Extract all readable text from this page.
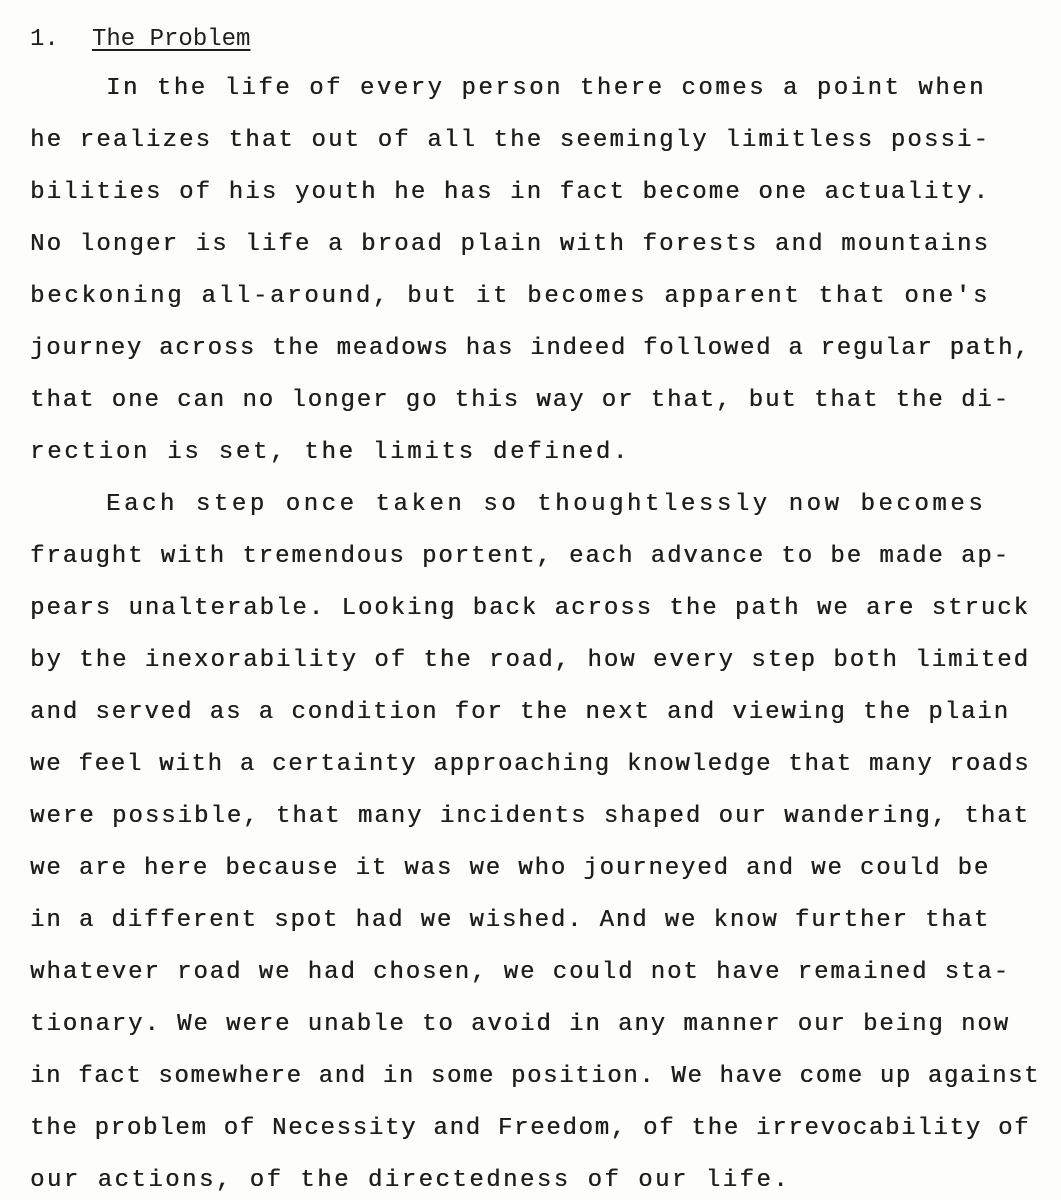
1. The Problem
In the life of every person there comes a point when
he realizes that out of all the seemingly limitless possi-
bilities of his youth he has in fact become one actuality.
No longer is life a broad plain with forests and mountains
beckoning all-around, but it becomes apparent that one's
journey across the meadows has indeed followed a regular path,
that one can no longer go this way or that, but that the di-
rection is set, the limits defined.
Each step once taken so thoughtlessly now becomes
fraught with tremendous portent, each advance to be made ap-
pears unalterable. Looking back across the path we are struck
by the inexorability of the road, how every step both limited
and served as a condition for the next and viewing the plain
we feel with a certainty approaching knowledge that many roads
were possible, that many incidents shaped our wandering, that
we are here because it was we who journeyed and we could be
in a different spot had we wished. And we know further that
whatever road we had chosen, we could not have remained sta-
tionary. We were unable to avoid in any manner our being now
in fact somewhere and in some position. We have come up against
the problem of Necessity and Freedom, of the irrevocability of
our actions, of the directedness of our life.
